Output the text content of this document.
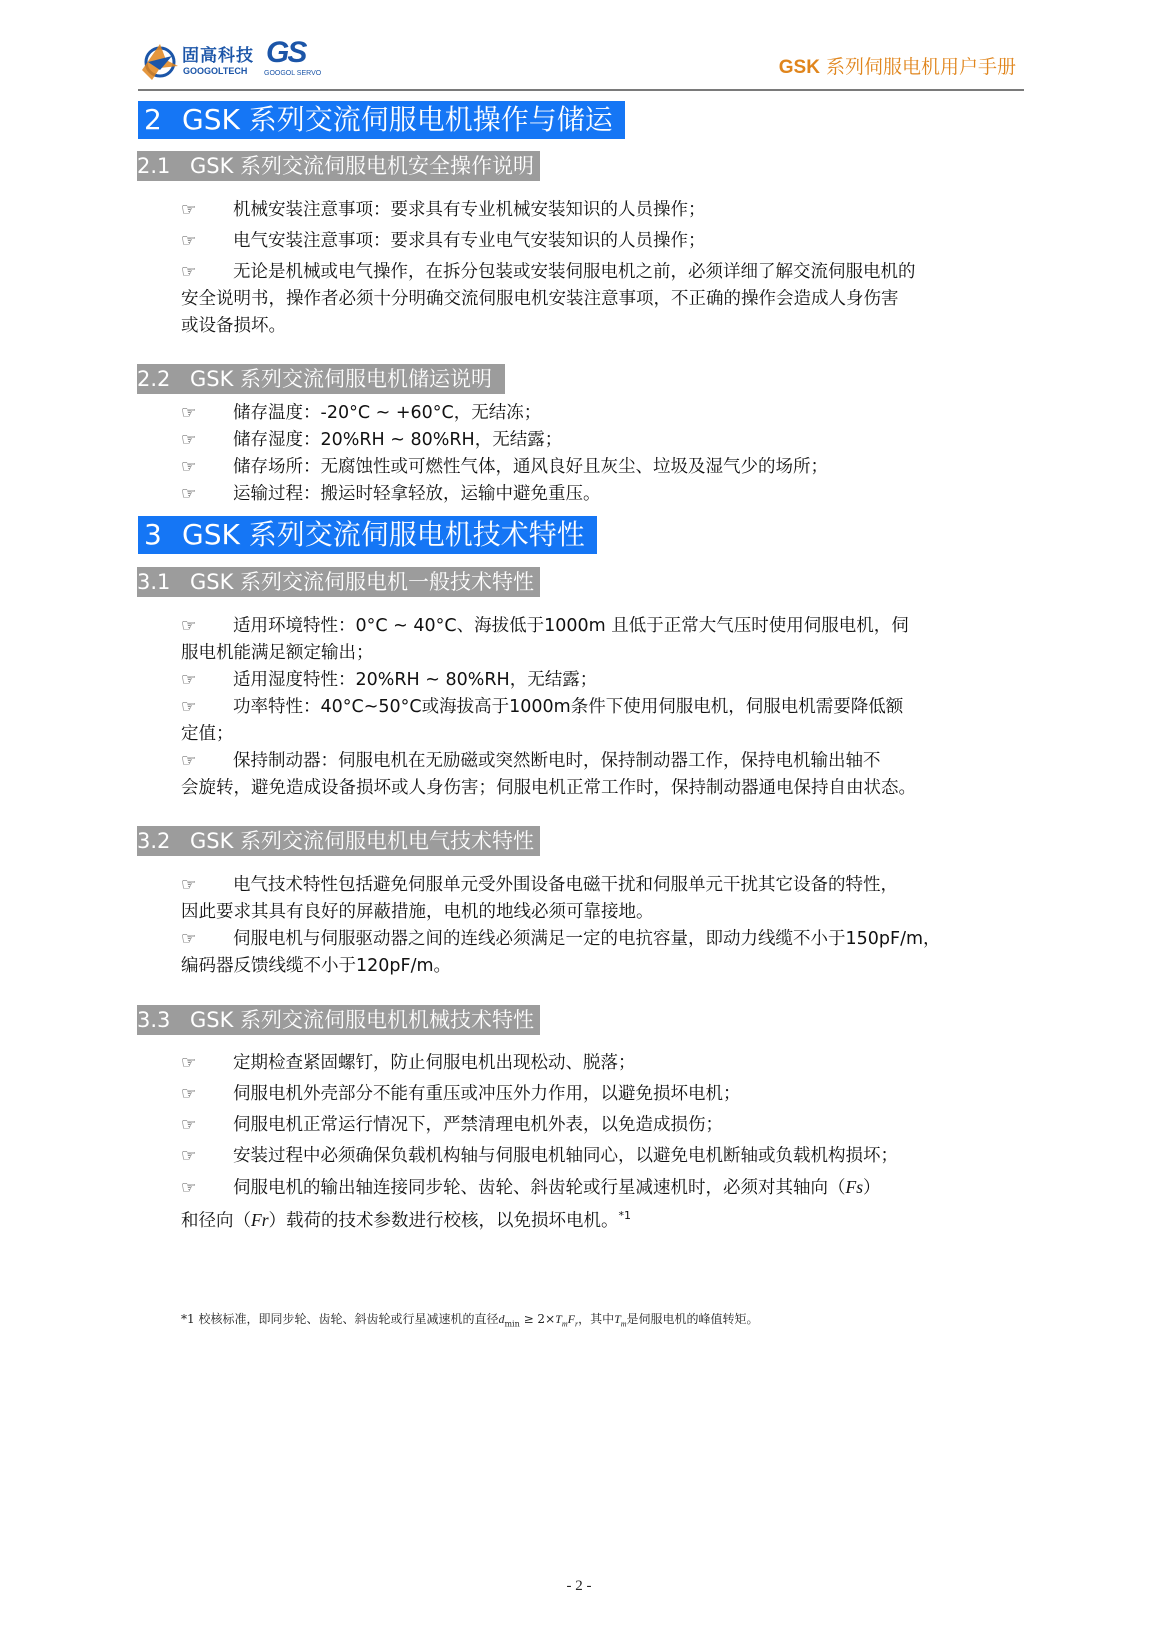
固高科技
GOOGOLTECH
GS
GOOGOL SERVO	GSK 系列伺服电机用户手册
2 GSK 系列交流伺服电机操作与储运
2.1 GSK 系列交流伺服电机安全操作说明
☞ 机械安装注意事项：要求具有专业机械安装知识的人员操作；
☞ 电气安装注意事项：要求具有专业电气安装知识的人员操作；
☞ 无论是机械或电气操作，在拆分包装或安装伺服电机之前，必须详细了解交流伺服电机的
安全说明书，操作者必须十分明确交流伺服电机安装注意事项，不正确的操作会造成人身伤害
或设备损坏。
2.2 GSK 系列交流伺服电机储运说明
☞ 储存温度：-20°C ~ +60°C，无结冻；
☞ 储存湿度：20%RH ~ 80%RH，无结露；
☞ 储存场所：无腐蚀性或可燃性气体，通风良好且灰尘、垃圾及湿气少的场所；
☞ 运输过程：搬运时轻拿轻放，运输中避免重压。
3 GSK 系列交流伺服电机技术特性
3.1 GSK 系列交流伺服电机一般技术特性
☞ 适用环境特性：0°C ~ 40°C、海拔低于1000m 且低于正常大气压时使用伺服电机，伺
服电机能满足额定输出；
☞ 适用湿度特性：20%RH ~ 80%RH，无结露；
☞ 功率特性：40°C~50°C或海拔高于1000m条件下使用伺服电机，伺服电机需要降低额
定值；
☞ 保持制动器：伺服电机在无励磁或突然断电时，保持制动器工作，保持电机输出轴不
会旋转，避免造成设备损坏或人身伤害；伺服电机正常工作时，保持制动器通电保持自由状态。
3.2 GSK 系列交流伺服电机电气技术特性
☞ 电气技术特性包括避免伺服单元受外围设备电磁干扰和伺服单元干扰其它设备的特性，
因此要求其具有良好的屏蔽措施，电机的地线必须可靠接地。
☞ 伺服电机与伺服驱动器之间的连线必须满足一定的电抗容量，即动力线缆不小于150pF/m，
编码器反馈线缆不小于120pF/m。
3.3 GSK 系列交流伺服电机机械技术特性
☞ 定期检查紧固螺钉，防止伺服电机出现松动、脱落；
☞ 伺服电机外壳部分不能有重压或冲压外力作用，以避免损坏电机；
☞ 伺服电机正常运行情况下，严禁清理电机外表，以免造成损伤；
☞ 安装过程中必须确保负载机构轴与伺服电机轴同心，以避免电机断轴或负载机构损坏；
☞ 伺服电机的输出轴连接同步轮、齿轮、斜齿轮或行星减速机时，必须对其轴向（Fs）
和径向（Fr）载荷的技术参数进行校核，以免损坏电机。$^{*1}$
*1 校核标准，即同步轮、齿轮、斜齿轮或行星减速机的直径$d_{min} \ge 2\times T_mF_r$，其中$T_m$是伺服电机的峰值转矩。
- 2 -
